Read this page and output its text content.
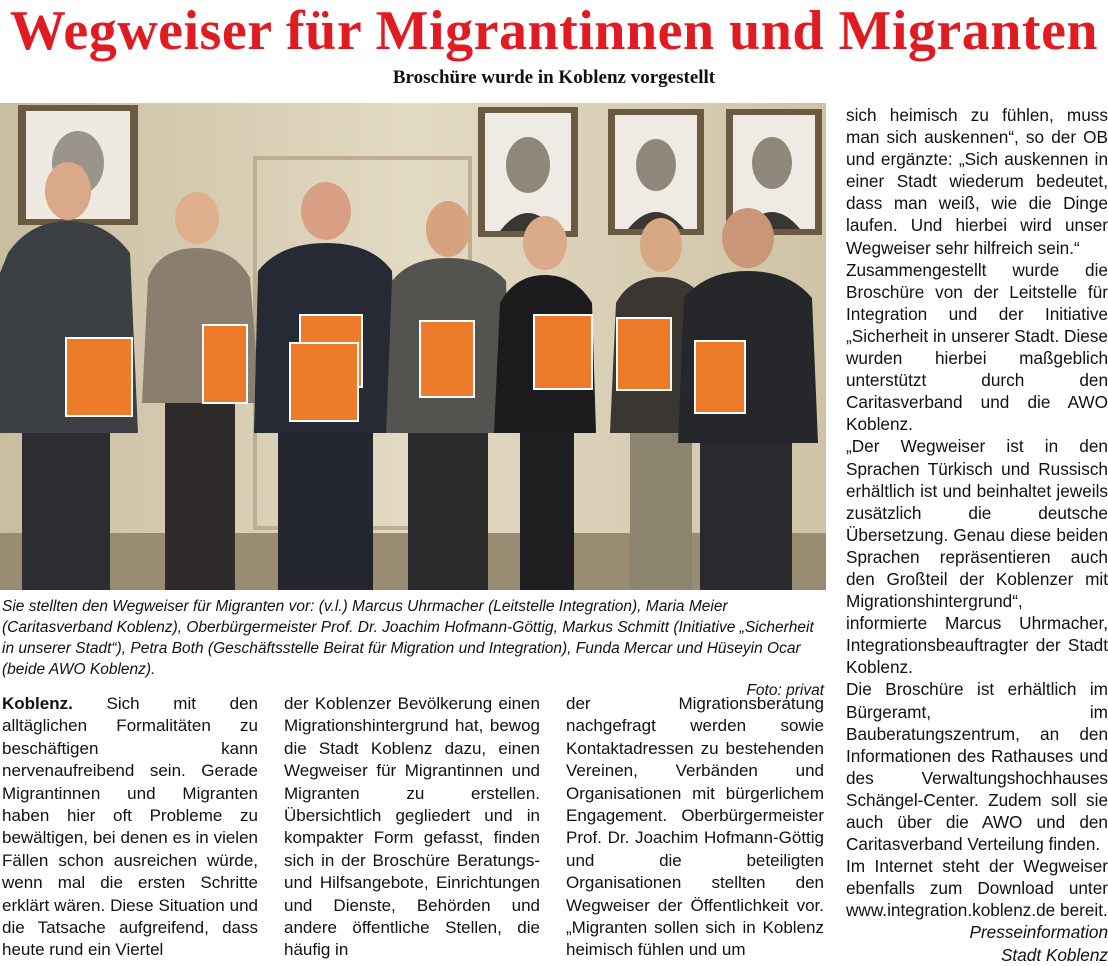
Wegweiser für Migrantinnen und Migranten
Broschüre wurde in Koblenz vorgestellt
Sie stellten den Wegweiser für Migranten vor: (v.l.) Marcus Uhrmacher (Leitstelle Integration), Maria Meier (Caritasverband Koblenz), Oberbürgermeister Prof. Dr. Joachim Hofmann-Göttig, Markus Schmitt (Initiative „Sicherheit in unserer Stadt“), Petra Both (Geschäftsstelle Beirat für Migration und Integration), Funda Mercar und Hüseyin Ocar (beide AWO Koblenz).
Foto: privat

Koblenz. Sich mit den alltäglichen Formalitäten zu beschäftigen kann nervenaufreibend sein. Gerade Migrantinnen und Migranten haben hier oft Probleme zu bewältigen, bei denen es in vielen Fällen schon ausreichen würde, wenn mal die ersten Schritte erklärt wären. Diese Situation und die Tatsache aufgreifend, dass heute rund ein Viertel

der Koblenzer Bevölkerung einen Migrationshintergrund hat, bewog die Stadt Koblenz dazu, einen Wegweiser für Migrantinnen und Migranten zu erstellen. Übersichtlich gegliedert und in kompakter Form gefasst, finden sich in der Broschüre Beratungs- und Hilfsangebote, Einrichtungen und Dienste, Behörden und andere öffentliche Stellen, die häufig in

der Migrationsberatung nachgefragt werden sowie Kontaktadressen zu bestehenden Vereinen, Verbänden und Organisationen mit bürgerlichem Engagement. Oberbürgermeister Prof. Dr. Joachim Hofmann-Göttig und die beteiligten Organisationen stellten den Wegweiser der Öffentlichkeit vor. „Migranten sollen sich in Koblenz heimisch fühlen und um

sich heimisch zu fühlen, muss man sich auskennen“, so der OB und ergänzte: „Sich auskennen in einer Stadt wiederum bedeutet, dass man weiß, wie die Dinge laufen. Und hierbei wird unser Wegweiser sehr hilfreich sein.“

Zusammengestellt wurde die Broschüre von der Leitstelle für Integration und der Initiative „Sicherheit in unserer Stadt. Diese wurden hierbei maßgeblich unterstützt durch den Caritasverband und die AWO Koblenz.

„Der Wegweiser ist in den Sprachen Türkisch und Russisch erhältlich ist und beinhaltet jeweils zusätzlich die deutsche Übersetzung. Genau diese beiden Sprachen repräsentieren auch den Großteil der Koblenzer mit Migrationshintergrund“, informierte Marcus Uhrmacher, Integrationsbeauftragter der Stadt Koblenz.

Die Broschüre ist erhältlich im Bürgeramt, im Bauberatungszentrum, an den Informationen des Rathauses und des Verwaltungshochhauses Schängel-Center. Zudem soll sie auch über die AWO und den Caritasverband Verteilung finden.

Im Internet steht der Wegweiser ebenfalls zum Download unter www.integration.koblenz.de bereit.

Presseinformation

Stadt Koblenz
